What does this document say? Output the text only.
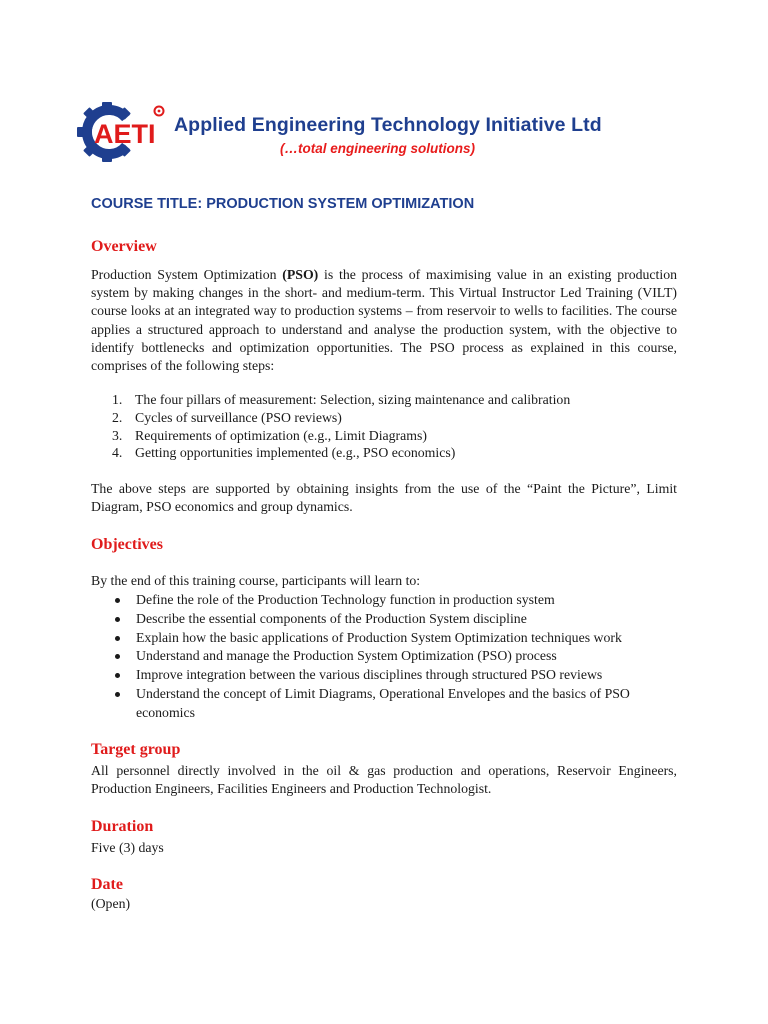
AETI Applied Engineering Technology Initiative Ltd
(…total engineering solutions)
COURSE TITLE: PRODUCTION SYSTEM OPTIMIZATION
Overview
Production System Optimization (PSO) is the process of maximising value in an existing production system by making changes in the short- and medium-term. This Virtual Instructor Led Training (VILT) course looks at an integrated way to production systems – from reservoir to wells to facilities. The course applies a structured approach to understand and analyse the production system, with the objective to identify bottlenecks and optimization opportunities. The PSO process as explained in this course, comprises of the following steps:
1. The four pillars of measurement: Selection, sizing maintenance and calibration
2. Cycles of surveillance (PSO reviews)
3. Requirements of optimization (e.g., Limit Diagrams)
4. Getting opportunities implemented (e.g., PSO economics)
The above steps are supported by obtaining insights from the use of the “Paint the Picture”, Limit Diagram, PSO economics and group dynamics.
Objectives
By the end of this training course, participants will learn to:
Define the role of the Production Technology function in production system
Describe the essential components of the Production System discipline
Explain how the basic applications of Production System Optimization techniques work
Understand and manage the Production System Optimization (PSO) process
Improve integration between the various disciplines through structured PSO reviews
Understand the concept of Limit Diagrams, Operational Envelopes and the basics of PSO economics
Target group
All personnel directly involved in the oil & gas production and operations, Reservoir Engineers, Production Engineers, Facilities Engineers and Production Technologist.
Duration
Five (3) days
Date
(Open)
